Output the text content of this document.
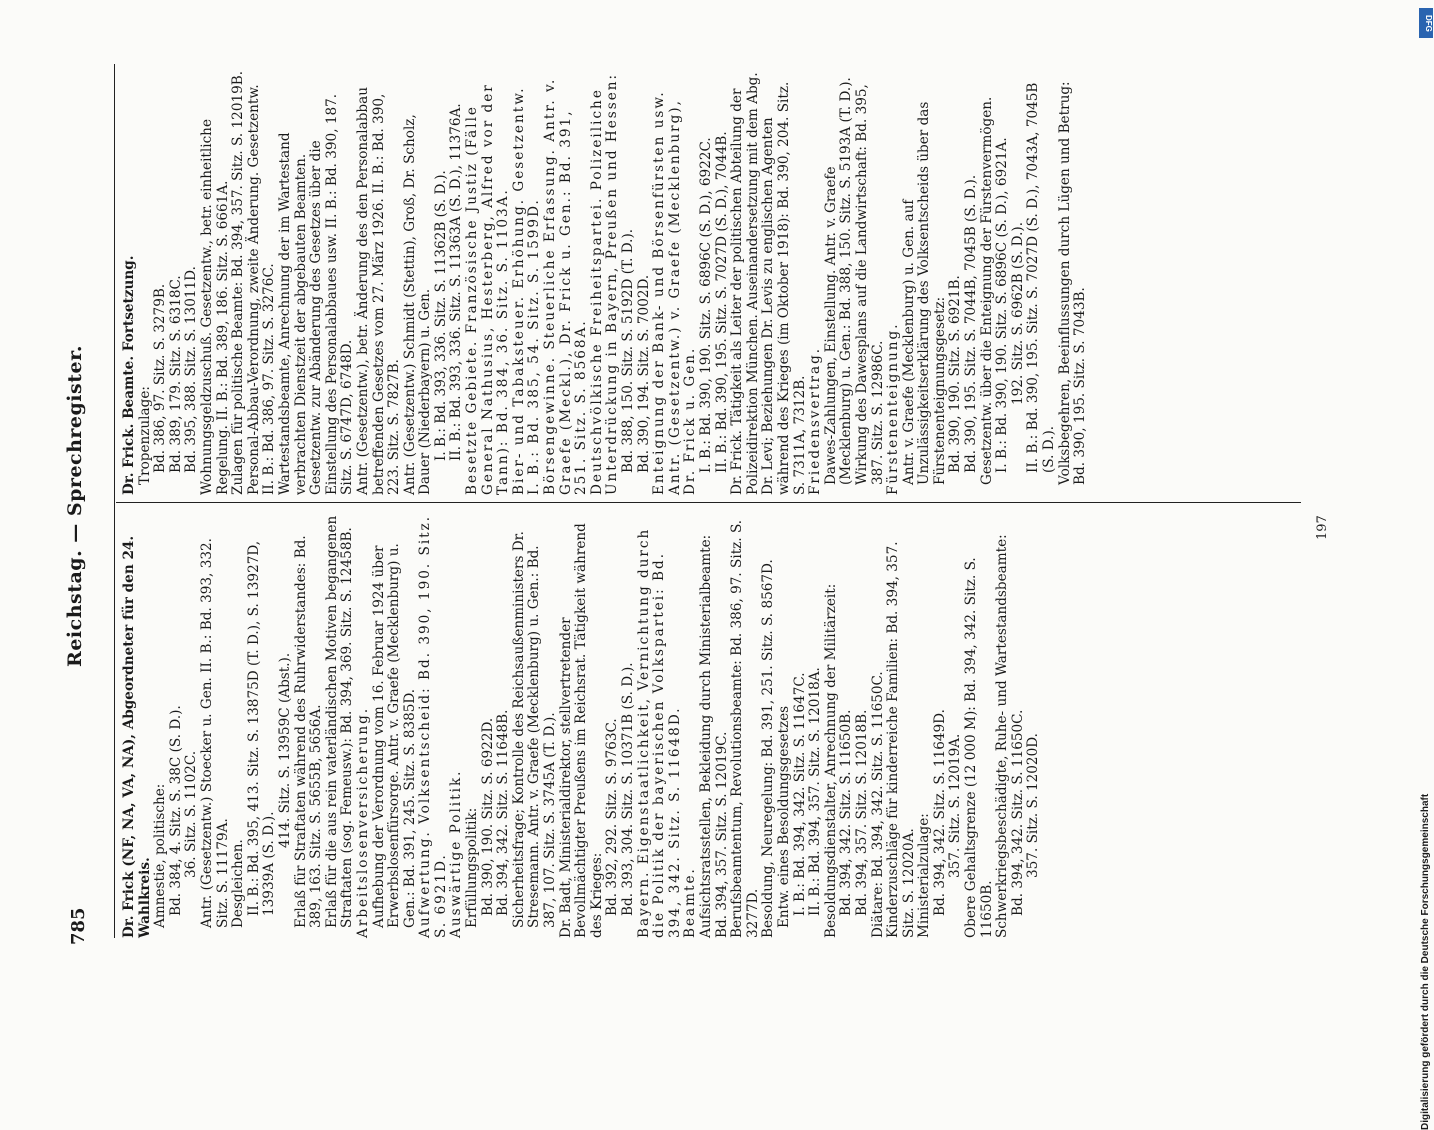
785
Reichstag. — Sprechregister.
Dr. Frick (NF, NA, VA, NA), Abgeordneter für den 24. Wahlkreis. Amnestie, politische: Bd. 384, 4. Sitz. S. 38C (S. D.). 36. Sitz. S. 1102C. Antr. (Gesetzentw.) Stoecker u. Gen. II. B.: Bd. 393, 332. Sitz. S. 11179A. Desgleichen. II. B.: Bd. 395, 413. Sitz. S. 13875D (T. D.), S. 13927D, 13939A (S. D.).
414. Sitz. S. 13959C (Abst.). Erlaß für Straftaten während des Ruhrwiderstandes: Bd. 389, 163. Sitz. S. 5655B, 5656A. Erlaß für die aus rein vaterländischen Motiven begangenen Straftaten (sog. Femeusw.): Bd. 394, 369. Sitz. S. 12458B. Arbeitslosenversicherung. Aufhebung der Verordnung vom 16. Februar 1924 über Erwerbslosenfürsorge. Antr. v. Graefe (Mecklenburg) u. Gen.: Bd. 391, 245. Sitz. S. 8385D. Aufwertung. Volksentscheid: Bd. 390, 190. Sitz. S. 6921D. Auswärtige Politik. Erfüllungspolitik: Bd. 390, 190. Sitz. S. 6922D. Bd. 394, 342. Sitz. S. 11648B. Sicherheitsfrage; Kontrolle des Reichsaußenministers Dr. Stresemann. Antr. v. Graefe (Mecklenburg) u. Gen.: Bd. 387, 107. Sitz. S. 3745A (T. D.). Dr. Badt, Ministerialdirektor, stellvertretender Bevollmächtigter Preußens im Reichsrat. Tätigkeit während des Krieges: Bd. 392, 292. Sitz. S. 9763C. Bd. 393, 304. Sitz. S. 10371B (S. D.). Bayern. Eigenstaatlichkeit, Vernichtung durch die Politik der bayerischen Volkspartei: Bd. 394, 342. Sitz. S. 11648D. Beamte. Aufsichtsratsstellen, Bekleidung durch Ministerialbeamte: Bd. 394, 357. Sitz. S. 12019C. Berufsbeamtentum, Revolutionsbeamte: Bd. 386, 97. Sitz. S. 3277D. Besoldung, Neuregelung: Bd. 391, 251. Sitz. S. 8567D. Entw. eines Besoldungsgesetzes I. B.: Bd. 394, 342. Sitz. S. 11647C. II. B.: Bd. 394, 357. Sitz. S. 12018A. Besoldungsdienstalter, Anrechnung der Militärzeit: Bd. 394, 342. Sitz. S. 11650B. Bd. 394, 357. Sitz. S. 12018B. Diätare: Bd. 394, 342. Sitz. S. 11650C. Kinderzuschläge für kinderreiche Familien: Bd. 394, 357. Sitz. S. 12020A. Ministerialzulage: Bd. 394, 342. Sitz. S. 11649D. 357. Sitz. S. 12019A. Obere Gehaltsgrenze (12 000 M): Bd. 394, 342. Sitz. S. 11650B. Schwerkriegsbeschädigte, Ruhe- und Wartestandsbeamte: Bd. 394, 342. Sitz. S. 11650C. 357. Sitz. S. 12020D.
Dr. Frick. Beamte. Fortsetzung. Tropenzulage: Bd. 386, 97. Sitz. S. 3279B. Bd. 389, 179. Sitz. S. 6318C. Bd. 395, 388. Sitz. S. 13011D. Wohnungsgeldzuschuß. Gesetzentw., betr. einheitliche Regelung. II. B.: Bd. 389, 186. Sitz. S. 6661A. Zulagen für politische Beamte: Bd. 394, 357. Sitz. S. 12019B. Personal-Abbau-Verordnung, zweite Änderung. Gesetzentw. II. B.: Bd. 386, 97. Sitz. S. 3276C. Wartestandsbeamte, Anrechnung der im Wartestand verbrachten Dienstzeit der abgebauten Beamten. Gesetzentw. zur Abänderung des Gesetzes über die Einstellung des Personalabbaues usw. II. B.: Bd. 390, 187. Sitz. S. 6747D, 6748D. Antr. (Gesetzentw.), betr. Änderung des den Personalabbau betreffenden Gesetzes vom 27. März 1926. II. B.: Bd. 390, 223. Sitz. S. 7827B. Antr. (Gesetzentw.) Schmidt (Stettin), Groß, Dr. Scholz, Dauer (Niederbayern) u. Gen. I. B.: Bd. 393, 336. Sitz. S. 11362B (S. D.). II. B.: Bd. 393, 336. Sitz. S. 11363A (S. D.), 11376A. Besetzte Gebiete. Französische Justiz (Fälle General Nathusius, Hesterberg, Alfred vor der Tann): Bd. 384, 36. Sitz. S. 1103A. Bier- und Tabaksteuer. Erhöhung. Gesetzentw. I. B.: Bd. 385, 54. Sitz. S. 1599D. Börsengewinne. Steuerliche Erfassung. Antr. v. Graefe (Meckl.), Dr. Frick u. Gen.: Bd. 391, 251. Sitz. S. 8568A. Deutschvölkische Freiheitspartei. Polizeiliche Unterdrückung in Bayern, Preußen und Hessen: Bd. 388, 150. Sitz. S. 5192D (T. D.). Bd. 390, 194. Sitz. S. 7002D. Enteignung der Bank- und Börsenfürsten usw. Antr. (Gesetzentw.) v. Graefe (Mecklenburg), Dr. Frick u. Gen. I. B.: Bd. 390, 190. Sitz. S. 6896C (S. D.), 6922C. II. B.: Bd. 390, 195. Sitz. S. 7027D (S. D.), 7044B. Dr. Frick. Tätigkeit als Leiter der politischen Abteilung der Polizeidirektion München. Auseinandersetzung mit dem Abg. Dr. Levi; Beziehungen Dr. Levis zu englischen Agenten während des Krieges (im Oktober 1918): Bd. 390, 204. Sitz. S. 7311A, 7312B. Friedensvertrag. Dawes-Zahlungen, Einstellung. Antr. v. Graefe (Mecklenburg) u. Gen.: Bd. 388, 150. Sitz. S. 5193A (T. D.). Wirkung des Dawesplans auf die Landwirtschaft: Bd. 395, 387. Sitz. S. 12986C. Fürstenenteignung. Antr. v. Graefe (Mecklenburg) u. Gen. auf Unzulässigkeitserklärung des Volksentscheids über das Fürstenenteignungsgesetz: Bd. 390, 190. Sitz. S. 6921B. Bd. 390, 195. Sitz. S. 7044B, 7045B (S. D.). Gesetzentw. über die Enteignung der Fürstenvermögen. I. B.: Bd. 390, 190. Sitz. S. 6896C (S. D.), 6921A. 192. Sitz. S. 6962B (S. D.). II. B.: Bd. 390, 195. Sitz. S. 7027D (S. D.), 7043A, 7045B (S. D.). Volksbegehren, Beeinflussungen durch Lügen und Betrug: Bd. 390, 195. Sitz. S. 7043B.
197
Digitalisierung gefördert durch die Deutsche Forschungsgemeinschaft
DFG
